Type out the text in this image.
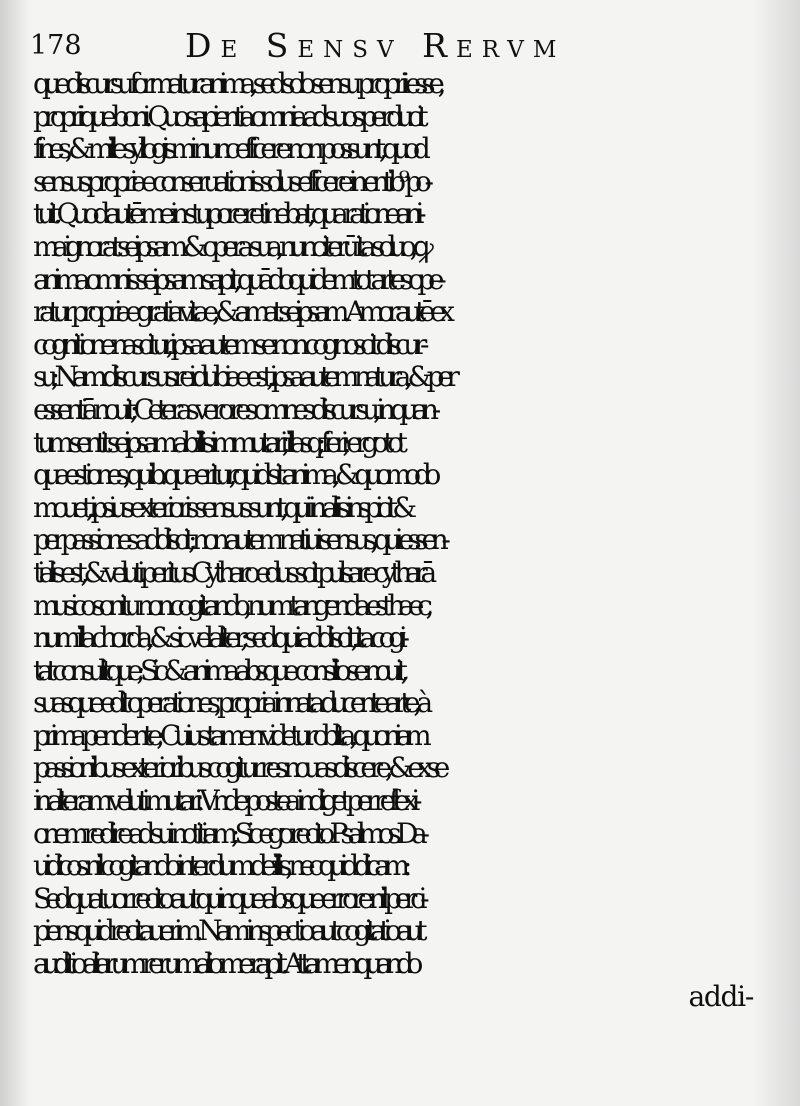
178	De Sensv Rervm
que discursu formatur anima, sed solo sensu proprii esse,
propriique boni. Quo sapientia omnia ad suos perducit
fines, & mille syllogismi nunc efficere non possunt, quod
sensus propriæ conseruationis solus efficere in entib⁹ po-
tuit. Quod autē me in stupore retinebat, qua ratione ani-
ma ignorat seipsam & opera sua, nunc iterū ita soluo, ꝙ
anima omnis seipsam sapit, quādoquidem tot artes ope-
ratur propriæ gratia vitæ, & amat seipsam. Amor autē ex
cognitione nascitur, ipsa autem se non cognoscit discur-
su; Nam discursus rei dubiæ est, ipsa autem natura, & per
essentiā nouit; Ceteras vero res omnes discursu, in quan-
tum sentit seipsam ab illis immutari, illasq; fieri; ergo tot
quæstiones, quib. quæritur, quid sit anima, & quomodo
mouet, ipsius exterioris sensus sunt, qui in aliis inspicit &
per passiones addiscit; non autem natiui sensus, qui essen-
tialis est, & veluti peritus Cytharœdus scit pulsare cytharā
musico sonitu non cogitando, num tangenda est hæc,
num illa chorda, & sic vel aliter; sed qui addiscit, ita cogi-
tat consulitque; Sic & anima absque consilio se nouit,
suasque edit operationes, propria innata ducente arte, à
prima pendente; Cuius tamen videtur oblita, quoniam
passionibus exterioribus cogitur res nouas discere, & ex se
in alteram veluti mutari. Vnde postea indiget per reflexi-
onem redire ad sui notitiam; Sic ego recito Psalmos Da-
uidicos nil cogitando interdum de illis, nec quid dicam:
Sed quatuor recito aut quinque absque errore nil perci-
piens quid recitauerim. Nam inspectio aut cogitatio aut
auditio aliarum rerum alio me rapit. Attamen quando
addi-
